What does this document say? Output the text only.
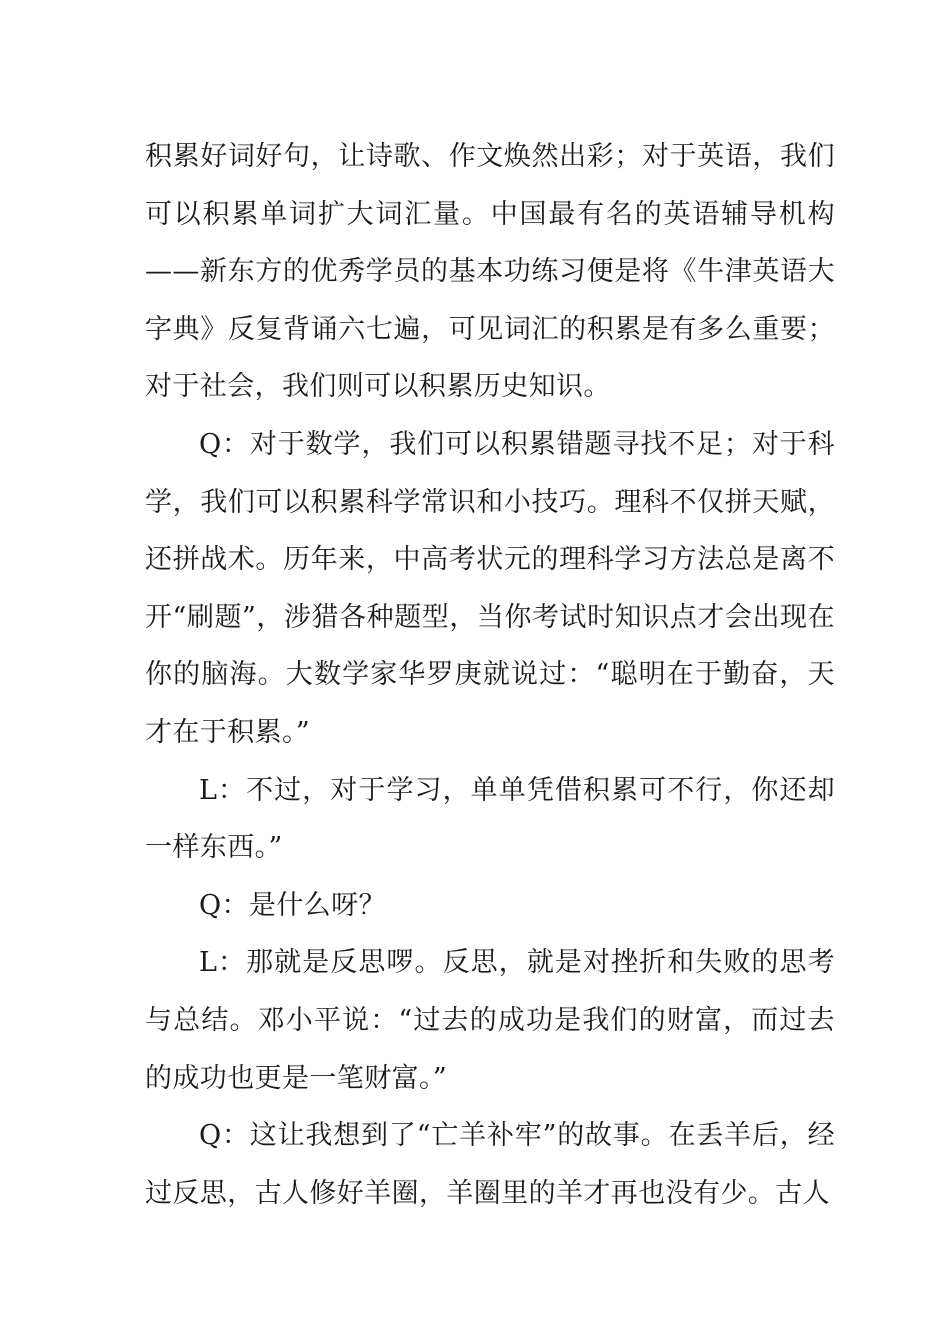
积累好词好句，让诗歌、作文焕然出彩；对于英语，我们可以积累单词扩大词汇量。中国最有名的英语辅导机构——新东方的优秀学员的基本功练习便是将《牛津英语大字典》反复背诵六七遍，可见词汇的积累是有多么重要；对于社会，我们则可以积累历史知识。

Q：对于数学，我们可以积累错题寻找不足；对于科学，我们可以积累科学常识和小技巧。理科不仅拼天赋，还拼战术。历年来，中高考状元的理科学习方法总是离不开“刷题”，涉猎各种题型，当你考试时知识点才会出现在你的脑海。大数学家华罗庚就说过：“聪明在于勤奋，天才在于积累。”

L：不过，对于学习，单单凭借积累可不行，你还却一样东西。”

Q：是什么呀？

L：那就是反思啰。反思，就是对挫折和失败的思考与总结。邓小平说：“过去的成功是我们的财富，而过去的成功也更是一笔财富。”

Q：这让我想到了“亡羊补牢”的故事。在丢羊后，经过反思，古人修好羊圈，羊圈里的羊才再也没有少。古人
